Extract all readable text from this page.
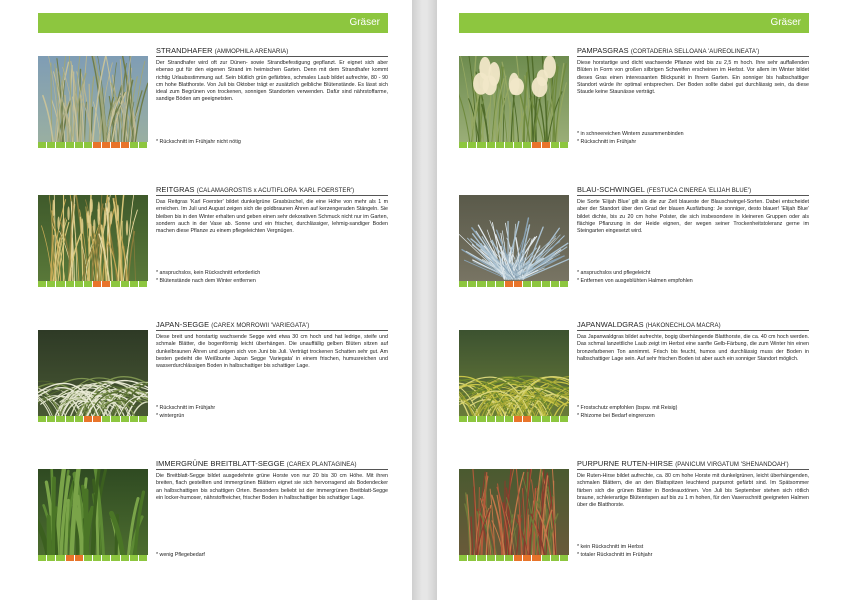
Gräser
STRANDHAFER (AMMOPHILA ARENARIA)
Der Strandhafer wird oft zur Dünen- sowie Strandbefestigung gepflanzt. Er eignet sich aber ebenso gut für den eigenen Strand im heimischen Garten. Denn mit dem Strandhafer kommt richtig Urlaubsstimmung auf. Sein blütlich grün gefärbtes, schmales Laub bildet aufrechte, 80 - 90 cm hohe Blatthorste. Von Juli bis Oktober trägt er zusätzlich gelbliche Blütenstände. Es lässt sich ideal zum Begrünen von trockenen, sonnigen Standorten verwenden. Dafür sind nährstoffarme, sandige Böden am geeignetsten.
* Rückschnitt im Frühjahr nicht nötig
REITGRAS (CALAMAGROSTIS x ACUTIFLORA 'KARL FOERSTER')
Das Reitgras 'Karl Foerster' bildet dunkelgrüne Grasbüschel, die eine Höhe von mehr als 1 m erreichen. Im Juli und August zeigen sich die goldbraunen Ähren auf kerzengeraden Stängeln. Sie bleiben bis in den Winter erhalten und geben einen sehr dekorativen Schmuck nicht nur im Garten, sondern auch in der Vase ab. Sonne und ein frischer, durchlässiger, lehmig-sandiger Boden machen diese Pflanze zu einem pflegeleichten Vergnügen.
* anspruchslos, kein Rückschnitt erforderlich
* Blütenstände nach dem Winter entfernen
JAPAN-SEGGE (CAREX MORROWII 'VARIEGATA')
Diese breit und horstartig wachsende Segge wird etwa 30 cm hoch und hat ledrige, steife und schmale Blätter, die bogenförmig leicht überhängen. Die unauffällig gelben Blüten sitzen auf dunkelbraunen Ähren und zeigen sich von Juni bis Juli. Verträgt trockenen Schatten sehr gut. Am besten gedeiht die Weißbunte Japan Segge 'Variegata' in einem frischen, humusreichen und wasserdurchlässigen Boden in halbschattiger bis schattiger Lage.
* Rückschnitt im Frühjahr
* wintergrün
IMMERGRÜNE BREITBLATT-SEGGE (CAREX PLANTAGINEA)
Die Breitblatt-Segge bildet ausgedehnte grüne Horste von nur 20 bis 30 cm Höhe. Mit ihren breiten, flach gestellten und immergrünen Blättern eignet sie sich hervorragend als Bodendecker an halbschattigen bis schattigen Orten. Besonders beliebt ist der immergrünen Breitblatt-Segge ein locker-humoser, nährstoffreicher, frischer Boden in halbschattiger bis schattiger Lage.
* wenig Pflegebedarf
Gräser
PAMPASGRAS (CORTADERIA SELLOANA 'AUREOLINEATA')
Diese horstartige und dicht wachsende Pflanze wird bis zu 2,5 m hoch. Ihre sehr auffallenden Blüten in Form von großen silbrigen Schweifen erscheinen im Herbst. Vor allem im Winter bildet dieses Gras einen interessanten Blickpunkt in Ihrem Garten. Ein sonniger bis halbschattiger Standort würde ihr optimal entsprechen. Der Boden sollte dabei gut durchlässig sein, da diese Staude keine Staunässe verträgt.
* in schneereichen Wintern zusammenbinden
* Rückschnitt im Frühjahr
BLAU-SCHWINGEL (FESTUCA CINEREA 'ELIJAH BLUE')
Die Sorte 'Elijah Blue' gilt als die zur Zeit blaueste der Blauschwingel-Sorten. Dabei entscheidet aber der Standort über den Grad der blauen Ausfärbung: Je sonniger, desto blauer! 'Elijah Blue' bildet dichte, bis zu 20 cm hohe Polster, die sich insbesondere in kleineren Gruppen oder als flächige Pflanzung in der Heide eignen, der wegen seiner Trockenheitstoleranz gerne im Steingarten eingesetzt wird.
* anspruchslos und pflegeleicht
* Entfernen von ausgeblühten Halmen empfohlen
JAPANWALDGRAS (HAKONECHLOA MACRA)
Das Japanwaldgras bildet aufrechte, bogig überhängende Blatthorste, die ca. 40 cm hoch werden. Das schmal lanzettliche Laub zeigt im Herbst eine sanfte Gelb-Färbung, die zum Winter hin einen bronzefarbenen Ton annimmt. Frisch bis feucht, humos und durchlässig muss der Boden in halbschattiger Lage sein. Auf sehr frischen Boden ist aber auch ein sonniger Standort möglich.
* Frostschutz empfohlen (bspw. mit Reisig)
* Rhizome bei Bedarf eingrenzen
PURPURNE RUTEN-HIRSE (PANICUM VIRGATUM 'SHENANDOAH')
Die Ruten-Hirse bildet aufrechte, ca. 80 cm hohe Horste mit dunkelgrünen, leicht überhängenden, schmalen Blättern, die an den Blattspitzen leuchtend purpurrot gefärbt sind. Im Spätsommer färben sich die grünen Blätter in Bordeauxtönen. Von Juli bis September stehen sich rötlich braune, schleierartige Blütenrispen auf bis zu 1 m hohen, für den Vasenschnitt geeigneten Halmen über die Blatthorste.
* kein Rückschnitt im Herbst
* totaler Rückschnitt im Frühjahr
